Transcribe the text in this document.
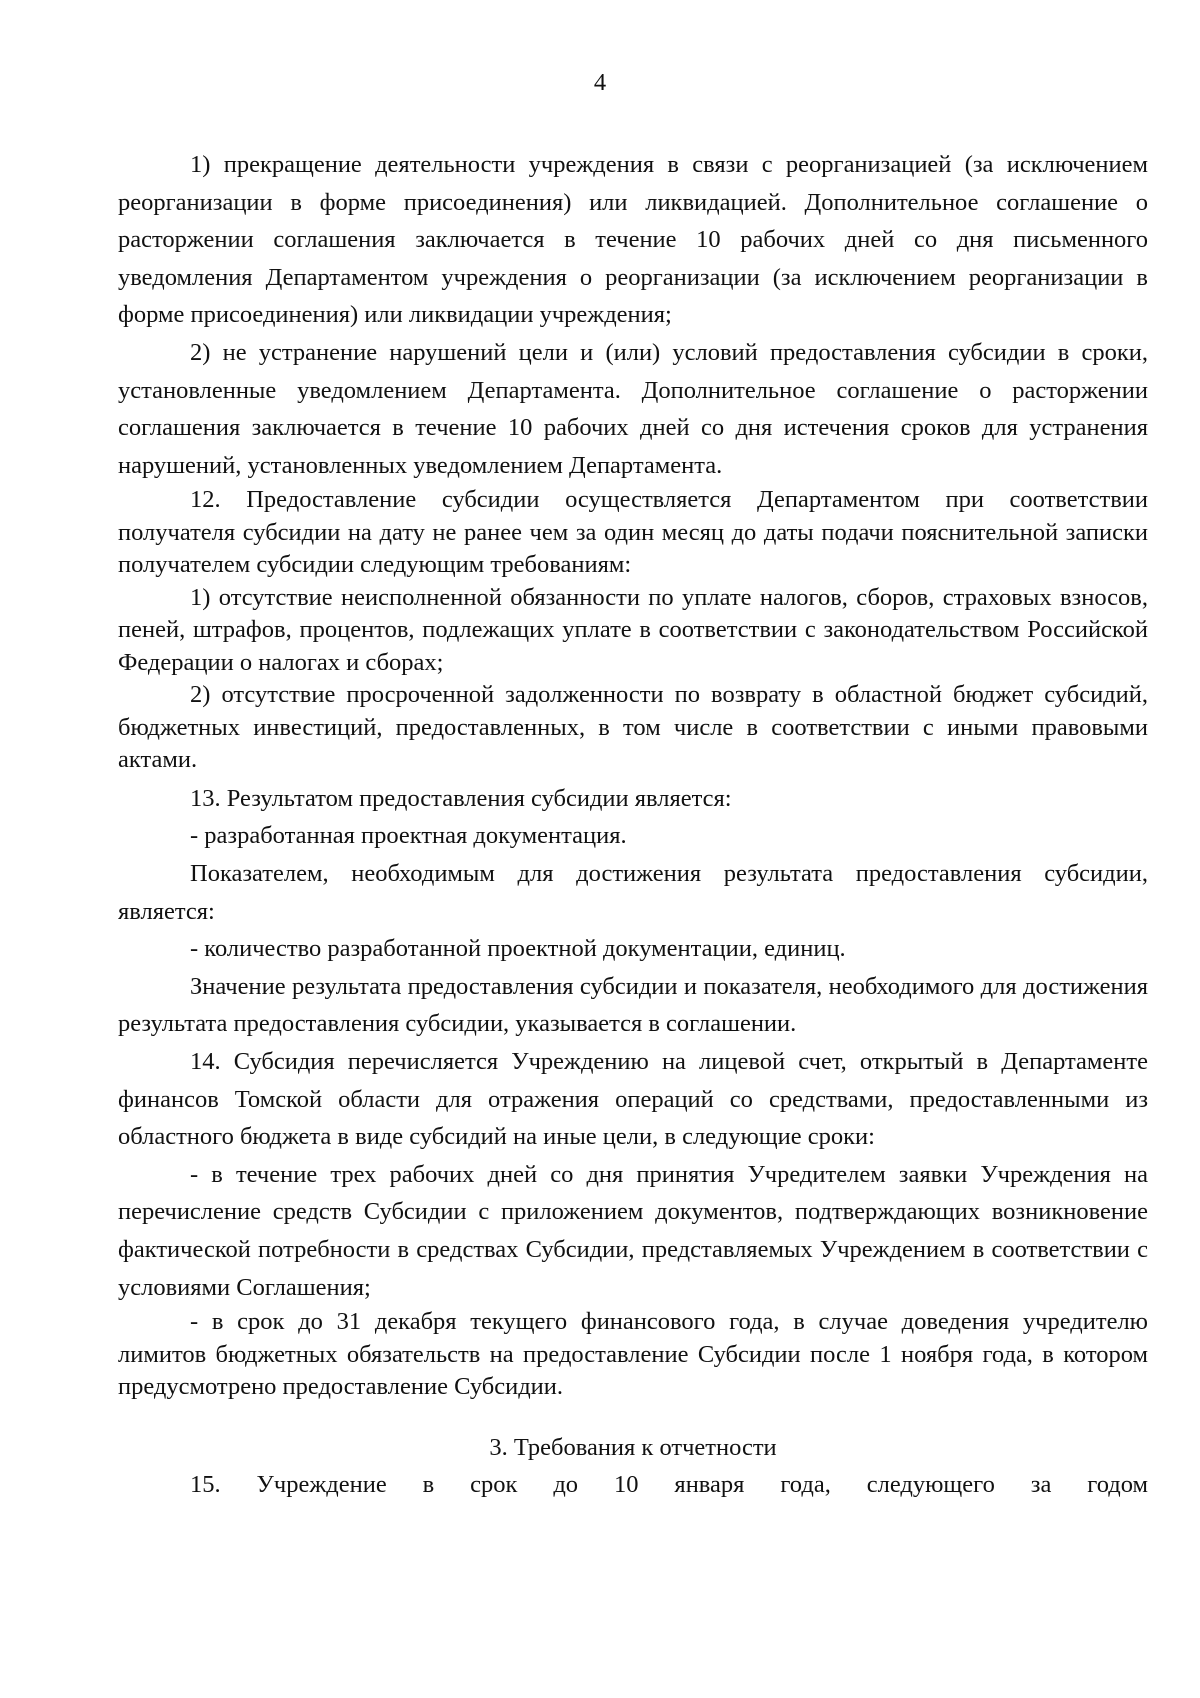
4

1) прекращение деятельности учреждения в связи с реорганизацией (за исключением реорганизации в форме присоединения) или ликвидацией. Дополнительное соглашение о расторжении соглашения заключается в течение 10 рабочих дней со дня письменного уведомления Департаментом учреждения о реорганизации (за исключением реорганизации в форме присоединения) или ликвидации учреждения;

2) не устранение нарушений цели и (или) условий предоставления субсидии в сроки, установленные уведомлением Департамента. Дополнительное соглашение о расторжении соглашения заключается в течение 10 рабочих дней со дня истечения сроков для устранения нарушений, установленных уведомлением Департамента.

12. Предоставление субсидии осуществляется Департаментом при соответствии получателя субсидии на дату не ранее чем за один месяц до даты подачи пояснительной записки получателем субсидии следующим требованиям:

1) отсутствие неисполненной обязанности по уплате налогов, сборов, страховых взносов, пеней, штрафов, процентов, подлежащих уплате в соответствии с законодательством Российской Федерации о налогах и сборах;

2) отсутствие просроченной задолженности по возврату в областной бюджет субсидий, бюджетных инвестиций, предоставленных, в том числе в соответствии с иными правовыми актами.

13. Результатом предоставления субсидии является:

- разработанная проектная документация.

Показателем, необходимым для достижения результата предоставления субсидии, является:

- количество разработанной проектной документации, единиц.

Значение результата предоставления субсидии и показателя, необходимого для достижения результата предоставления субсидии, указывается в соглашении.

14. Субсидия перечисляется Учреждению на лицевой счет, открытый в Департаменте финансов Томской области для отражения операций со средствами, предоставленными из областного бюджета в виде субсидий на иные цели, в следующие сроки:

- в течение трех рабочих дней со дня принятия Учредителем заявки Учреждения на перечисление средств Субсидии с приложением документов, подтверждающих возникновение фактической потребности в средствах Субсидии, представляемых Учреждением в соответствии с условиями Соглашения;

- в срок до 31 декабря текущего финансового года, в случае доведения учредителю лимитов бюджетных обязательств на предоставление Субсидии после 1 ноября года, в котором предусмотрено предоставление Субсидии.

3. Требования к отчетности

15. Учреждение в срок до 10 января года, следующего за годом
